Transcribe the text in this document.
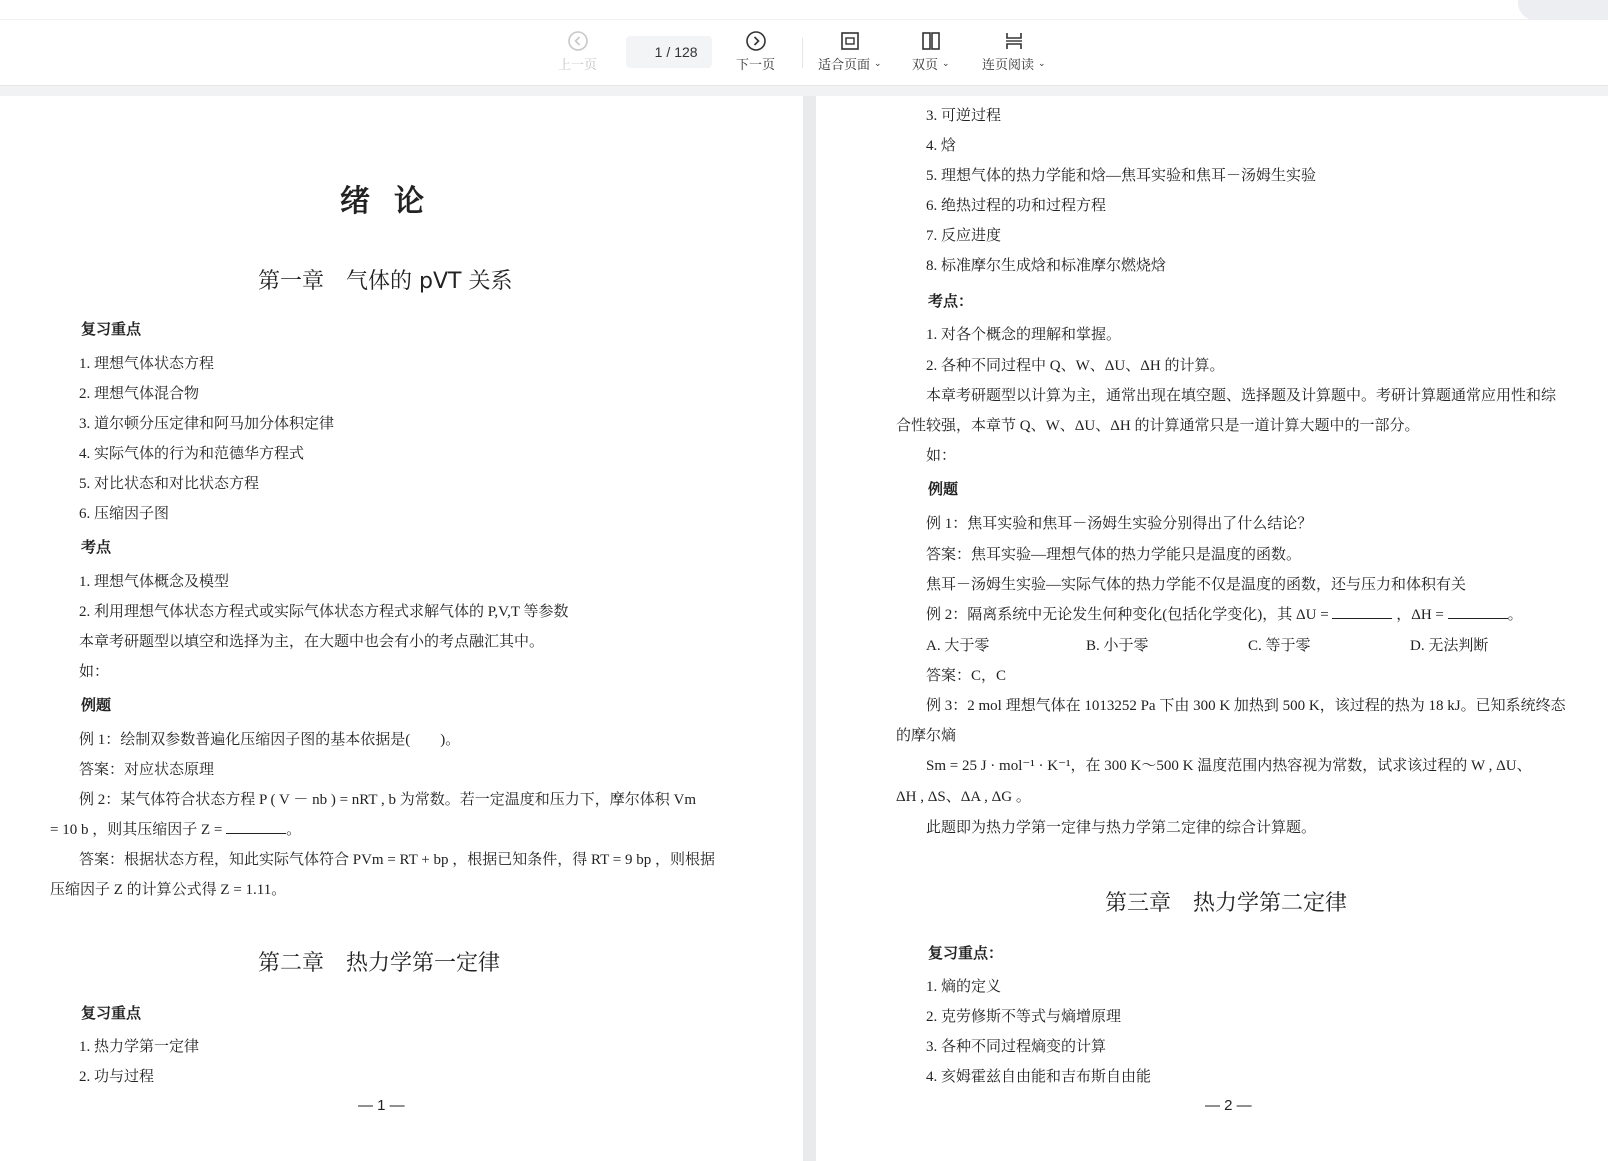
上一页
1
/ 128
下一页	适合页面 ⌄ 双页 ⌄ 连页阅读 ⌄
绪论
第一章　气体的 pVT 关系
复习重点
1. 理想气体状态方程
2. 理想气体混合物
3. 道尔顿分压定律和阿马加分体积定律
4. 实际气体的行为和范德华方程式
5. 对比状态和对比状态方程
6. 压缩因子图
考点
1. 理想气体概念及模型
2. 利用理想气体状态方程式或实际气体状态方程式求解气体的 P,V,T 等参数
本章考研题型以填空和选择为主，在大题中也会有小的考点融汇其中。
如：
例题
例 1：绘制双参数普遍化压缩因子图的基本依据是(　　)。
答案：对应状态原理
例 2：某气体符合状态方程 P ( V － nb ) = nRT , b 为常数。若一定温度和压力下，摩尔体积 Vm
= 10 b ，则其压缩因子 Z =	。
答案：根据状态方程，知此实际气体符合 PVm = RT + bp ，根据已知条件，得 RT = 9 bp ，则根据
压缩因子 Z 的计算公式得 Z = 1.11。
第二章　热力学第一定律
复习重点
1. 热力学第一定律
2. 功与过程
— 1 —
3. 可逆过程
4. 焓
5. 理想气体的热力学能和焓—焦耳实验和焦耳－汤姆生实验
6. 绝热过程的功和过程方程
7. 反应进度
8. 标准摩尔生成焓和标准摩尔燃烧焓
考点：
1. 对各个概念的理解和掌握。
2. 各种不同过程中 Q、W、ΔU、ΔH 的计算。
本章考研题型以计算为主，通常出现在填空题、选择题及计算题中。考研计算题通常应用性和综
合性较强，本章节 Q、W、ΔU、ΔH 的计算通常只是一道计算大题中的一部分。
如：
例题
例 1：焦耳实验和焦耳－汤姆生实验分别得出了什么结论？
答案：焦耳实验—理想气体的热力学能只是温度的函数。
焦耳－汤姆生实验—实际气体的热力学能不仅是温度的函数，还与压力和体积有关
例 2：隔离系统中无论发生何种变化(包括化学变化)，其 ΔU =	，ΔH =	。
A. 大于零	B. 小于零	C. 等于零	D. 无法判断
答案：C，C
例 3：2 mol 理想气体在 1013252 Pa 下由 300 K 加热到 500 K，该过程的热为 18 kJ。已知系统终态
的摩尔熵
Sm = 25 J · mol⁻¹ · K⁻¹，在 300 K～500 K 温度范围内热容视为常数，试求该过程的 W , ΔU、
ΔH , ΔS、ΔA , ΔG 。
此题即为热力学第一定律与热力学第二定律的综合计算题。
第三章　热力学第二定律
复习重点：
1. 熵的定义
2. 克劳修斯不等式与熵增原理
3. 各种不同过程熵变的计算
4. 亥姆霍兹自由能和吉布斯自由能
— 2 —
